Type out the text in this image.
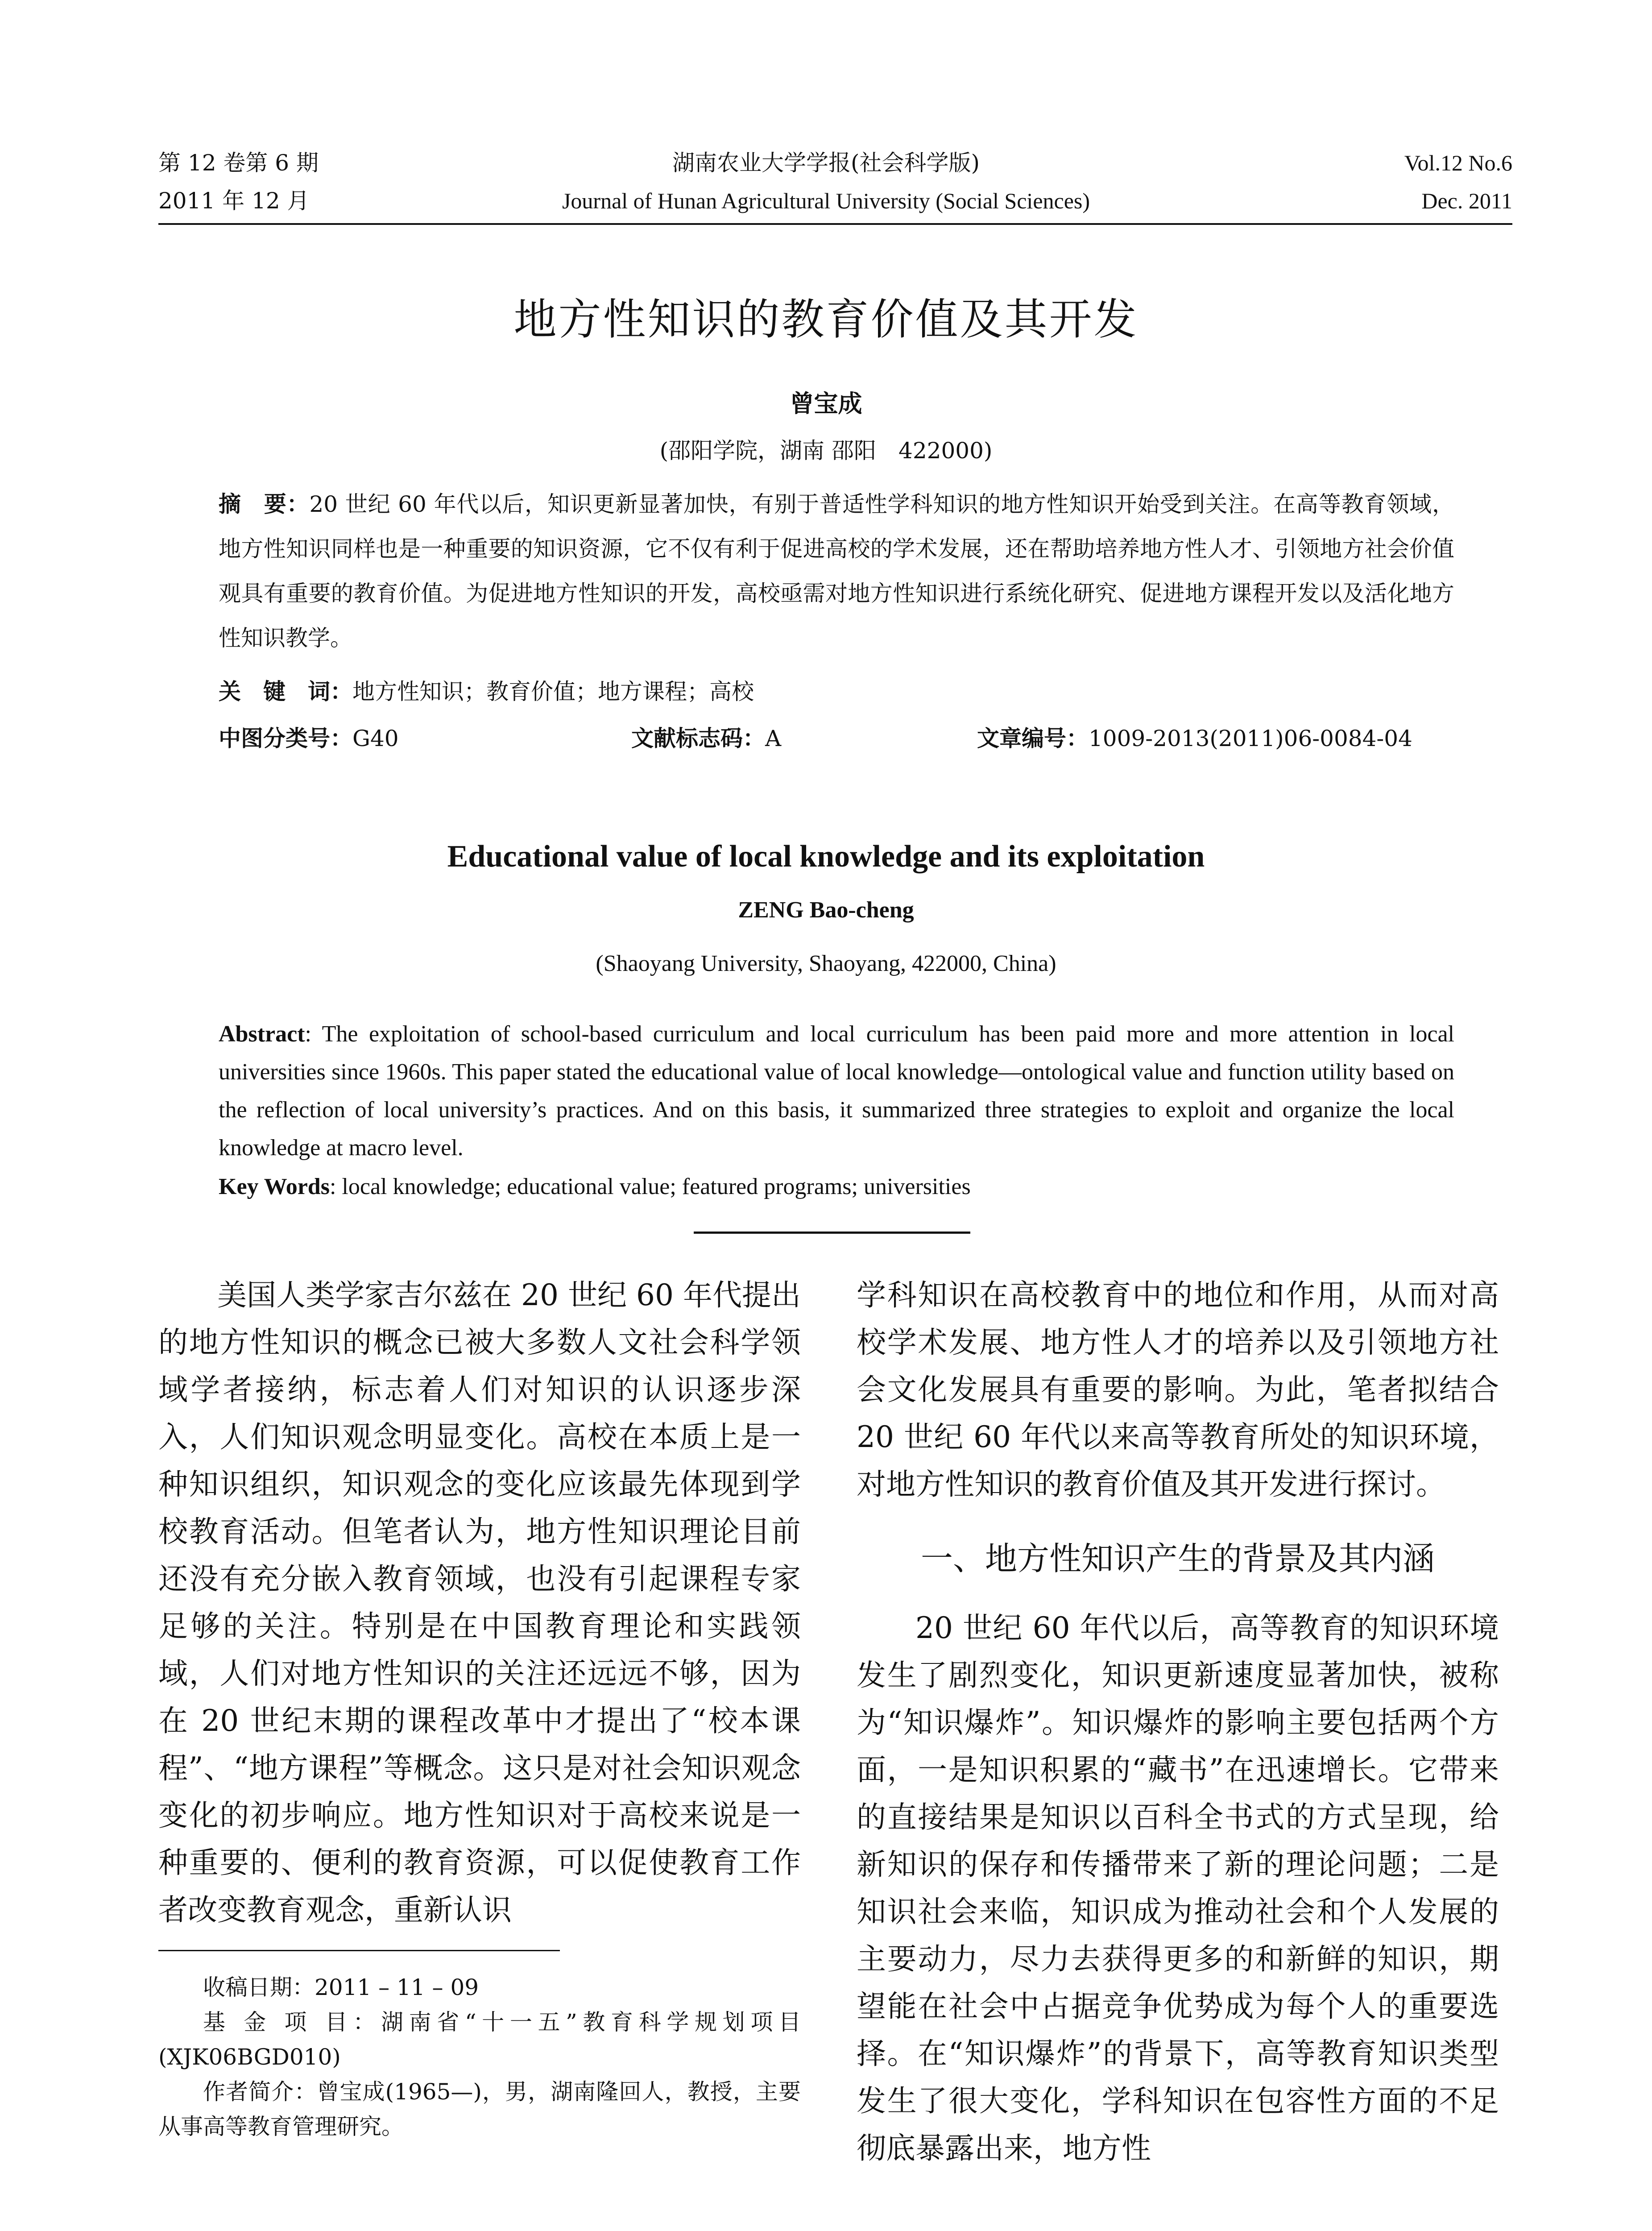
第 12 卷第 6 期
2011 年 12 月
湖南农业大学学报(社会科学版)
Journal of Hunan Agricultural University (Social Sciences)
Vol.12 No.6
Dec. 2011
地方性知识的教育价值及其开发
曾宝成
(邵阳学院，湖南 邵阳　422000)
摘　要：20 世纪 60 年代以后，知识更新显著加快，有别于普适性学科知识的地方性知识开始受到关注。在高等教育领域，地方性知识同样也是一种重要的知识资源，它不仅有利于促进高校的学术发展，还在帮助培养地方性人才、引领地方社会价值观具有重要的教育价值。为促进地方性知识的开发，高校亟需对地方性知识进行系统化研究、促进地方课程开发以及活化地方性知识教学。
关　键　词：地方性知识；教育价值；地方课程；高校
中图分类号：G40	文献标志码：A	文章编号：1009-2013(2011)06-0084-04
Educational value of local knowledge and its exploitation
ZENG Bao-cheng
(Shaoyang University, Shaoyang, 422000, China)
Abstract: The exploitation of school-based curriculum and local curriculum has been paid more and more attention in local universities since 1960s. This paper stated the educational value of local knowledge—ontological value and function utility based on the reflection of local university’s practices. And on this basis, it summarized three strategies to exploit and organize the local knowledge at macro level.
Key Words: local knowledge; educational value; featured programs; universities

美国人类学家吉尔兹在 20 世纪 60 年代提出的地方性知识的概念已被大多数人文社会科学领域学者接纳，标志着人们对知识的认识逐步深入，人们知识观念明显变化。高校在本质上是一种知识组织，知识观念的变化应该最先体现到学校教育活动。但笔者认为，地方性知识理论目前还没有充分嵌入教育领域，也没有引起课程专家足够的关注。特别是在中国教育理论和实践领域，人们对地方性知识的关注还远远不够，因为在 20 世纪末期的课程改革中才提出了“校本课程”、“地方课程”等概念。这只是对社会知识观念变化的初步响应。地方性知识对于高校来说是一种重要的、便利的教育资源，可以促使教育工作者改变教育观念，重新认识

学科知识在高校教育中的地位和作用，从而对高校学术发展、地方性人才的培养以及引领地方社会文化发展具有重要的影响。为此，笔者拟结合 20 世纪 60 年代以来高等教育所处的知识环境，对地方性知识的教育价值及其开发进行探讨。

一、地方性知识产生的背景及其内涵

20 世纪 60 年代以后，高等教育的知识环境发生了剧烈变化，知识更新速度显著加快，被称为“知识爆炸”。知识爆炸的影响主要包括两个方面，一是知识积累的“藏书”在迅速增长。它带来的直接结果是知识以百科全书式的方式呈现，给新知识的保存和传播带来了新的理论问题；二是知识社会来临，知识成为推动社会和个人发展的主要动力，尽力去获得更多的和新鲜的知识，期望能在社会中占据竞争优势成为每个人的重要选择。在“知识爆炸”的背景下，高等教育知识类型发生了很大变化，学科知识在包容性方面的不足彻底暴露出来，地方性

收稿日期：2011 – 11 – 09

基 金 项 目：湖南省“十一五”教育科学规划项目(XJK06BGD010)

作者简介：曾宝成(1965—)，男，湖南隆回人，教授，主要从事高等教育管理研究。
